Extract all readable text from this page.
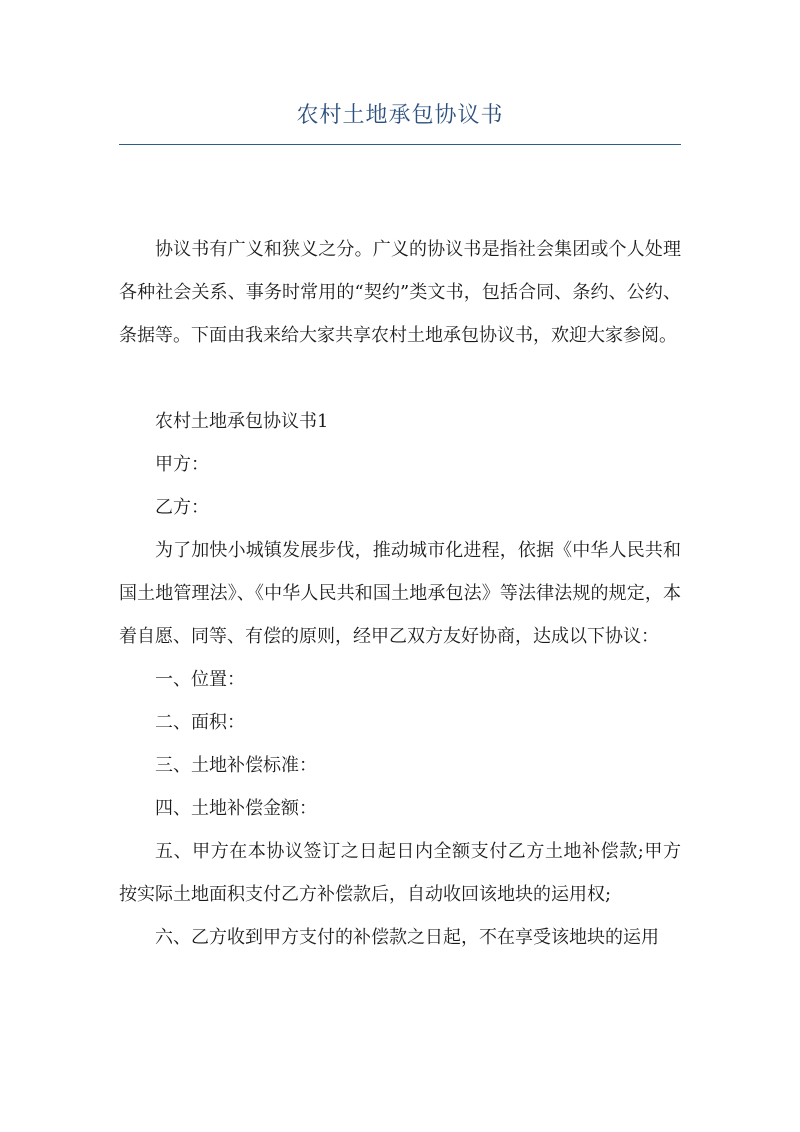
农村土地承包协议书

协议书有广义和狭义之分。广义的协议书是指社会集团或个人处理各种社会关系、事务时常用的“契约”类文书，包括合同、条约、公约、条据等。下面由我来给大家共享农村土地承包协议书，欢迎大家参阅。

农村土地承包协议书1

甲方：

乙方：

为了加快小城镇发展步伐，推动城市化进程，依据《中华人民共和国土地管理法》、《中华人民共和国土地承包法》等法律法规的规定，本着自愿、同等、有偿的原则，经甲乙双方友好协商，达成以下协议：

一、位置：

二、面积：

三、土地补偿标准：

四、土地补偿金额：

五、甲方在本协议签订之日起日内全额支付乙方土地补偿款;甲方按实际土地面积支付乙方补偿款后，自动收回该地块的运用权;

六、乙方收到甲方支付的补偿款之日起，不在享受该地块的运用
